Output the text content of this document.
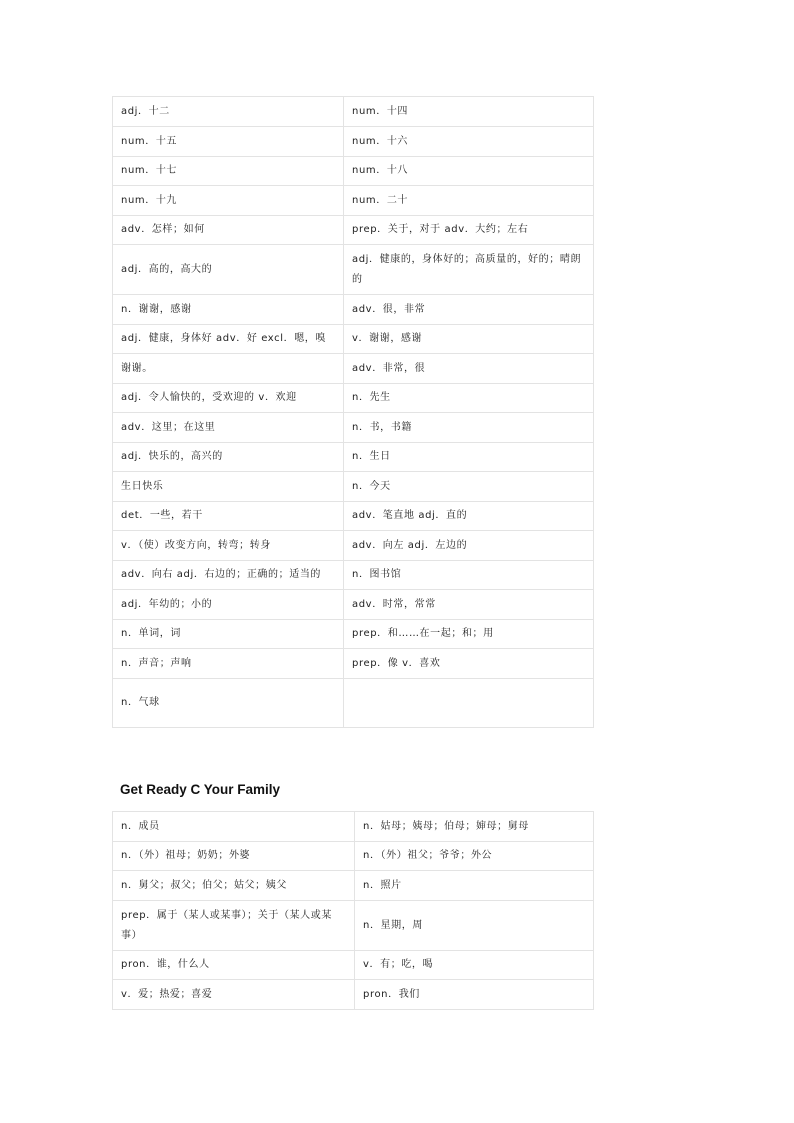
adj．十二	num．十四
num．十五	num．十六
num．十七	num．十八
num．十九	num．二十
adv．怎样；如何	prep．关于，对于 adv．大约；左右
adj．高的，高大的	adj．健康的，身体好的；高质量的，好的；晴朗的
n．谢谢，感谢	adv．很，非常
adj．健康，身体好 adv．好 excl．嗯，嗅	v．谢谢，感谢
谢谢。	adv．非常，很
adj．令人愉快的，受欢迎的 v．欢迎	n．先生
adv．这里；在这里	n．书，书籍
adj．快乐的，高兴的	n．生日
生日快乐	n．今天
det．一些，若干	adv．笔直地 adj．直的
v．（使）改变方向，转弯；转身	adv．向左 adj．左边的
adv．向右 adj．右边的；正确的；适当的	n．图书馆
adj．年幼的；小的	adv．时常，常常
n．单词，词	prep．和……在一起；和；用
n．声音；声响	prep．像 v．喜欢
n．气球	
Get Ready C Your Family
n．成员	n．姑母；姨母；伯母；婶母；舅母
n．（外）祖母；奶奶；外婆	n．（外）祖父；爷爷；外公
n．舅父；叔父；伯父；姑父；姨父	n．照片
prep．属于（某人或某事）；关于（某人或某事）	n．星期，周
pron．谁，什么人	v．有；吃，喝
v．爱；热爱；喜爱	pron．我们
